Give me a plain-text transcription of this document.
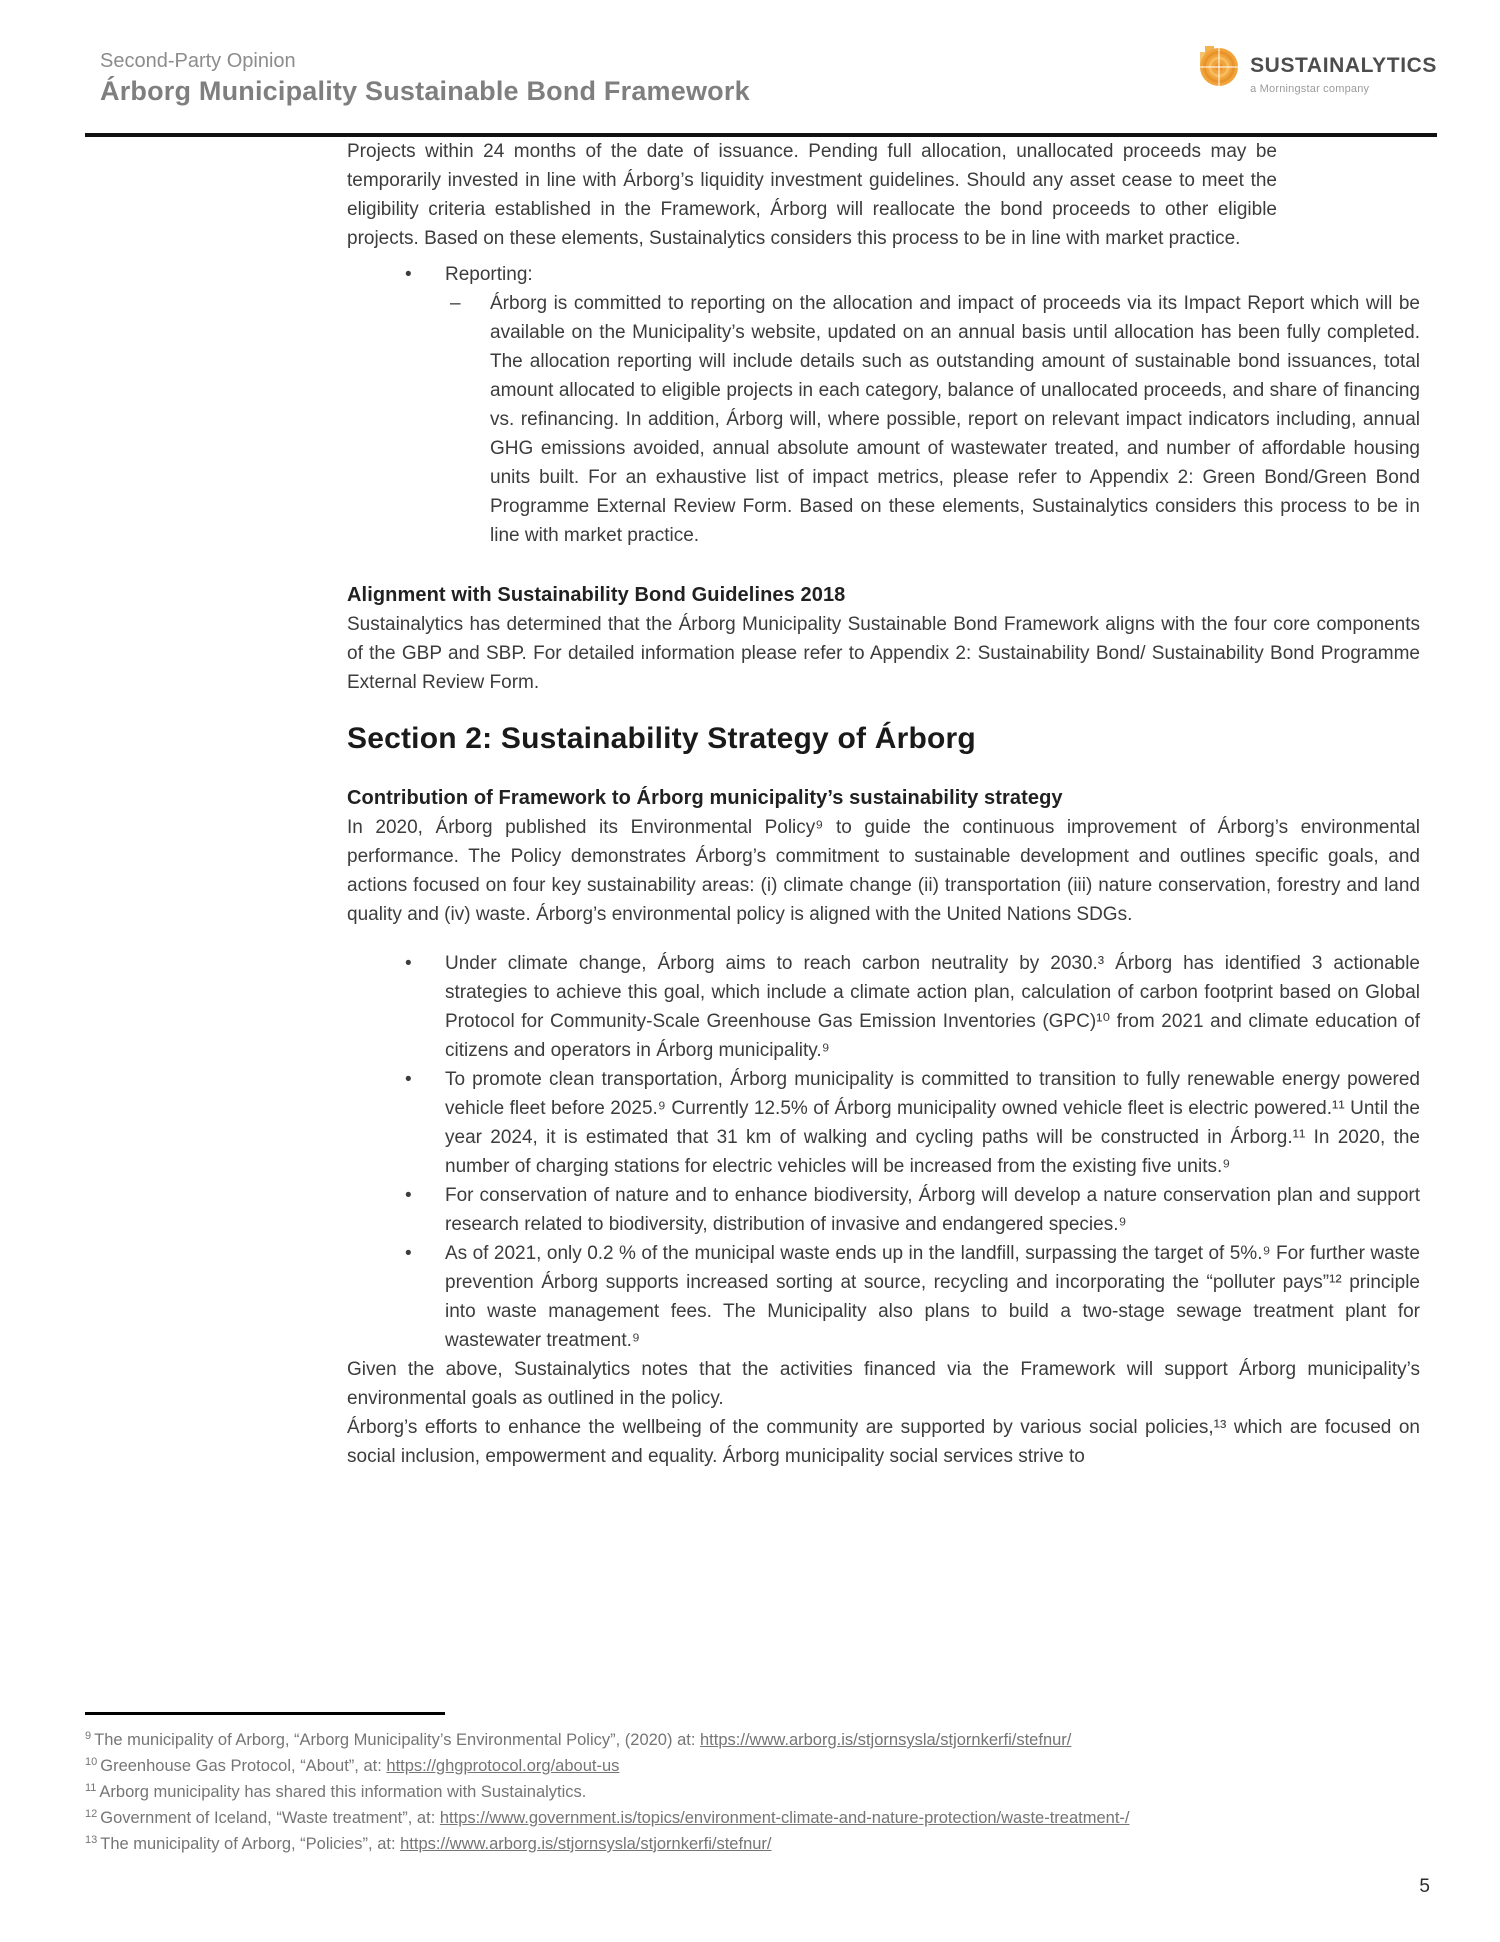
Second-Party Opinion
Árborg Municipality Sustainable Bond Framework
SUSTAINALYTICS
a Morningstar company

Projects within 24 months of the date of issuance. Pending full allocation, unallocated proceeds may be temporarily invested in line with Árborg’s liquidity investment guidelines. Should any asset cease to meet the eligibility criteria established in the Framework, Árborg will reallocate the bond proceeds to other eligible projects. Based on these elements, Sustainalytics considers this process to be in line with market practice.

• Reporting:

– Árborg is committed to reporting on the allocation and impact of proceeds via its Impact Report which will be available on the Municipality’s website, updated on an annual basis until allocation has been fully completed. The allocation reporting will include details such as outstanding amount of sustainable bond issuances, total amount allocated to eligible projects in each category, balance of unallocated proceeds, and share of financing vs. refinancing. In addition, Árborg will, where possible, report on relevant impact indicators including, annual GHG emissions avoided, annual absolute amount of wastewater treated, and number of affordable housing units built. For an exhaustive list of impact metrics, please refer to Appendix 2: Green Bond/Green Bond Programme External Review Form. Based on these elements, Sustainalytics considers this process to be in line with market practice.

Alignment with Sustainability Bond Guidelines 2018

Sustainalytics has determined that the Árborg Municipality Sustainable Bond Framework aligns with the four core components of the GBP and SBP. For detailed information please refer to Appendix 2: Sustainability Bond/ Sustainability Bond Programme External Review Form.

Section 2: Sustainability Strategy of Árborg
Contribution of Framework to Árborg municipality’s sustainability strategy

In 2020, Árborg published its Environmental Policy⁹ to guide the continuous improvement of Árborg’s environmental performance. The Policy demonstrates Árborg’s commitment to sustainable development and outlines specific goals, and actions focused on four key sustainability areas: (i) climate change (ii) transportation (iii) nature conservation, forestry and land quality and (iv) waste. Árborg’s environmental policy is aligned with the United Nations SDGs.

• Under climate change, Árborg aims to reach carbon neutrality by 2030.³ Árborg has identified 3 actionable strategies to achieve this goal, which include a climate action plan, calculation of carbon footprint based on Global Protocol for Community-Scale Greenhouse Gas Emission Inventories (GPC)¹⁰ from 2021 and climate education of citizens and operators in Árborg municipality.⁹
• To promote clean transportation, Árborg municipality is committed to transition to fully renewable energy powered vehicle fleet before 2025.⁹ Currently 12.5% of Árborg municipality owned vehicle fleet is electric powered.¹¹ Until the year 2024, it is estimated that 31 km of walking and cycling paths will be constructed in Árborg.¹¹ In 2020, the number of charging stations for electric vehicles will be increased from the existing five units.⁹
• For conservation of nature and to enhance biodiversity, Árborg will develop a nature conservation plan and support research related to biodiversity, distribution of invasive and endangered species.⁹
• As of 2021, only 0.2 % of the municipal waste ends up in the landfill, surpassing the target of 5%.⁹ For further waste prevention Árborg supports increased sorting at source, recycling and incorporating the “polluter pays”¹² principle into waste management fees. The Municipality also plans to build a two-stage sewage treatment plant for wastewater treatment.⁹

Given the above, Sustainalytics notes that the activities financed via the Framework will support Árborg municipality’s environmental goals as outlined in the policy.

Árborg’s efforts to enhance the wellbeing of the community are supported by various social policies,¹³ which are focused on social inclusion, empowerment and equality. Árborg municipality social services strive to

$^9$ The municipality of Arborg, “Arborg Municipality’s Environmental Policy”, (2020) at: https://www.arborg.is/stjornsysla/stjornkerfi/stefnur/
$^{10}$ Greenhouse Gas Protocol, “About”, at: https://ghgprotocol.org/about-us
$^{11}$ Arborg municipality has shared this information with Sustainalytics.
$^{12}$ Government of Iceland, “Waste treatment”, at: https://www.government.is/topics/environment-climate-and-nature-protection/waste-treatment-/
$^{13}$ The municipality of Arborg, “Policies”, at: https://www.arborg.is/stjornsysla/stjornkerfi/stefnur/
5
